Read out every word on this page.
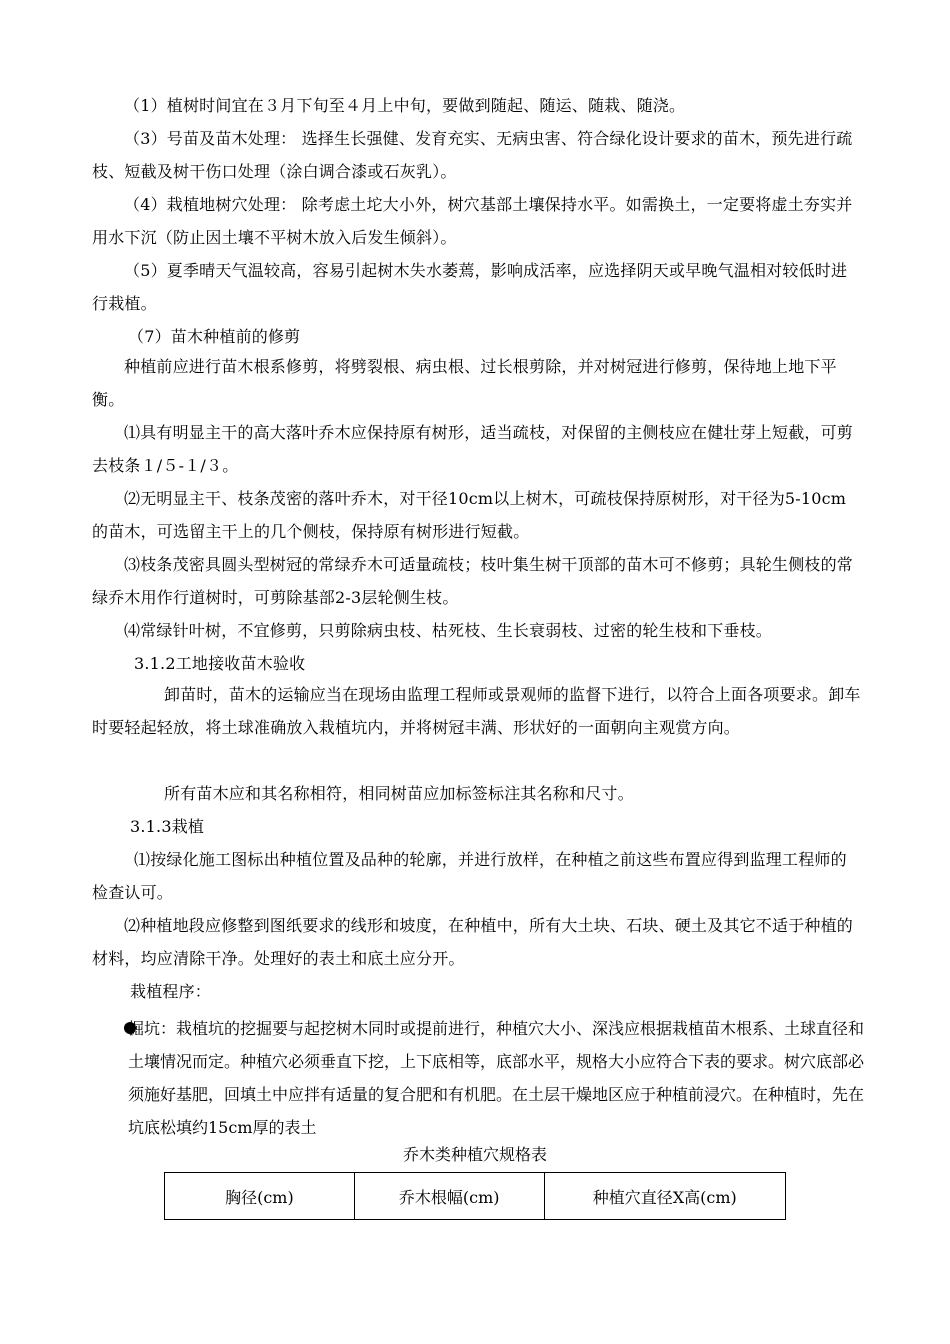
（1）植树时间宜在３月下旬至４月上中旬，要做到随起、随运、随栽、随浇。

（3）号苗及苗木处理： 选择生长强健、发育充实、无病虫害、符合绿化设计要求的苗木，预先进行疏枝、短截及树干伤口处理（涂白调合漆或石灰乳）。

（4）栽植地树穴处理： 除考虑土坨大小外，树穴基部土壤保持水平。如需换土，一定要将虚土夯实并用水下沉（防止因土壤不平树木放入后发生倾斜）。

（5）夏季晴天气温较高，容易引起树木失水萎蔫，影响成活率，应选择阴天或早晚气温相对较低时进行栽植。

（7）苗木种植前的修剪

种植前应进行苗木根系修剪，将劈裂根、病虫根、过长根剪除，并对树冠进行修剪，保待地上地下平衡。

⑴具有明显主干的高大落叶乔木应保持原有树形，适当疏枝，对保留的主侧枝应在健壮芽上短截，可剪去枝条１/５-１/３。

⑵无明显主干、枝条茂密的落叶乔木，对干径10cm以上树木，可疏枝保持原树形，对干径为5-10cm的苗木，可选留主干上的几个侧枝，保持原有树形进行短截。

⑶枝条茂密具圆头型树冠的常绿乔木可适量疏枝；枝叶集生树干顶部的苗木可不修剪；具轮生侧枝的常绿乔木用作行道树时，可剪除基部2-3层轮侧生枝。

⑷常绿针叶树，不宜修剪，只剪除病虫枝、枯死枝、生长衰弱枝、过密的轮生枝和下垂枝。

3.1.2工地接收苗木验收

卸苗时，苗木的运输应当在现场由监理工程师或景观师的监督下进行，以符合上面各项要求。卸车时要轻起轻放，将土球准确放入栽植坑内，并将树冠丰满、形状好的一面朝向主观赏方向。

所有苗木应和其名称相符，相同树苗应加标签标注其名称和尺寸。

3.1.3栽植

⑴按绿化施工图标出种植位置及品种的轮廓，并进行放样，在种植之前这些布置应得到监理工程师的检查认可。

⑵种植地段应修整到图纸要求的线形和坡度，在种植中，所有大土块、石块、硬土及其它不适于种植的材料，均应清除干净。处理好的表土和底土应分开。

栽植程序：

掘坑：栽植坑的挖掘要与起挖树木同时或提前进行，种植穴大小、深浅应根据栽植苗木根系、土球直径和土壤情况而定。种植穴必须垂直下挖，上下底相等，底部水平，规格大小应符合下表的要求。树穴底部必须施好基肥，回填土中应拌有适量的复合肥和有机肥。在土层干燥地区应于种植前浸穴。在种植时，先在坑底松填约15cm厚的表土

乔木类种植穴规格表
胸径(cm)	乔木根幅(cm)	种植穴直径X高(cm)
